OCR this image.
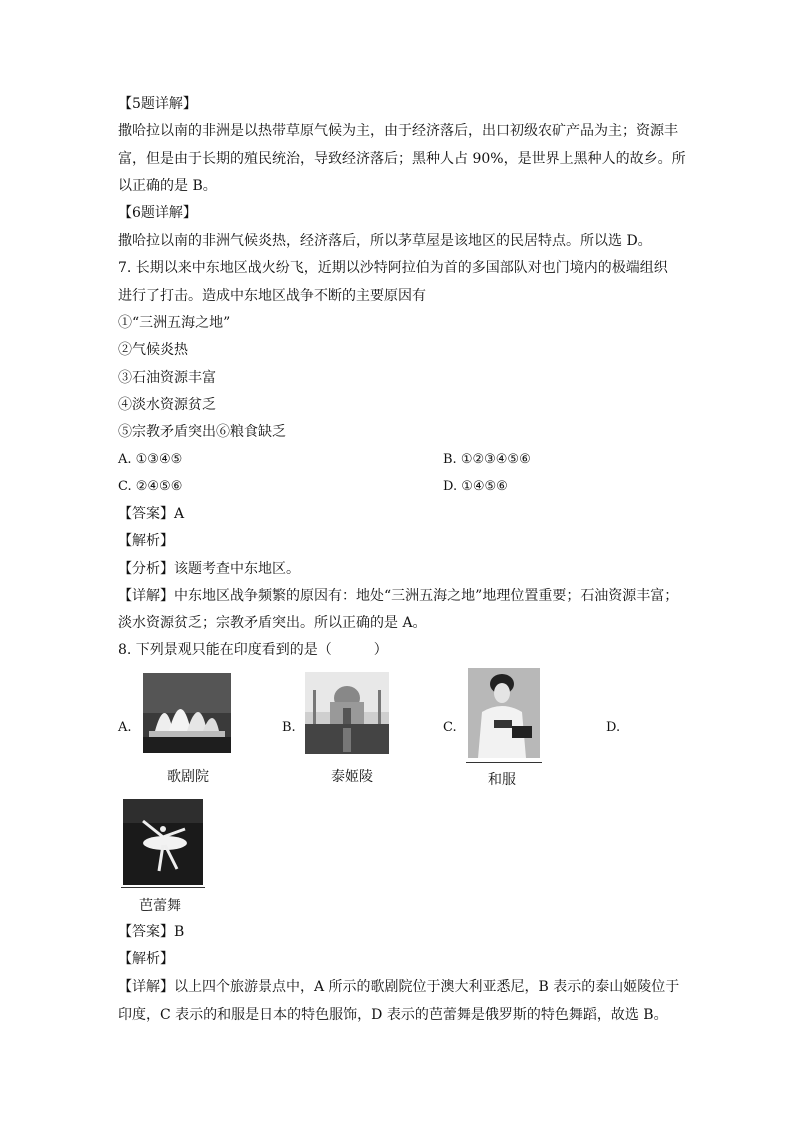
【5题详解】
撒哈拉以南的非洲是以热带草原气候为主，由于经济落后，出口初级农矿产品为主；资源丰
富，但是由于长期的殖民统治，导致经济落后；黑种人占 90%，是世界上黑种人的故乡。所
以正确的是 B。
【6题详解】
撒哈拉以南的非洲气候炎热，经济落后，所以茅草屋是该地区的民居特点。所以选 D。
7. 长期以来中东地区战火纷飞，近期以沙特阿拉伯为首的多国部队对也门境内的极端组织
进行了打击。造成中东地区战争不断的主要原因有
①“三洲五海之地”
②气候炎热
③石油资源丰富
④淡水资源贫乏
⑤宗教矛盾突出⑥粮食缺乏
A. ①③④⑤	B. ①②③④⑤⑥
C. ②④⑤⑥	D. ①④⑤⑥
【答案】A
【解析】
【分析】该题考查中东地区。
【详解】中东地区战争频繁的原因有：地处“三洲五海之地”地理位置重要；石油资源丰富；
淡水资源贫乏；宗教矛盾突出。所以正确的是 A。
8. 下列景观只能在印度看到的是（　　　）
A.
歌剧院
B.
泰姬陵
C.
和服
D.
芭蕾舞
【答案】B
【解析】
【详解】以上四个旅游景点中，A 所示的歌剧院位于澳大利亚悉尼，B 表示的泰山姬陵位于
印度，C 表示的和服是日本的特色服饰，D 表示的芭蕾舞是俄罗斯的特色舞蹈，故选 B。
